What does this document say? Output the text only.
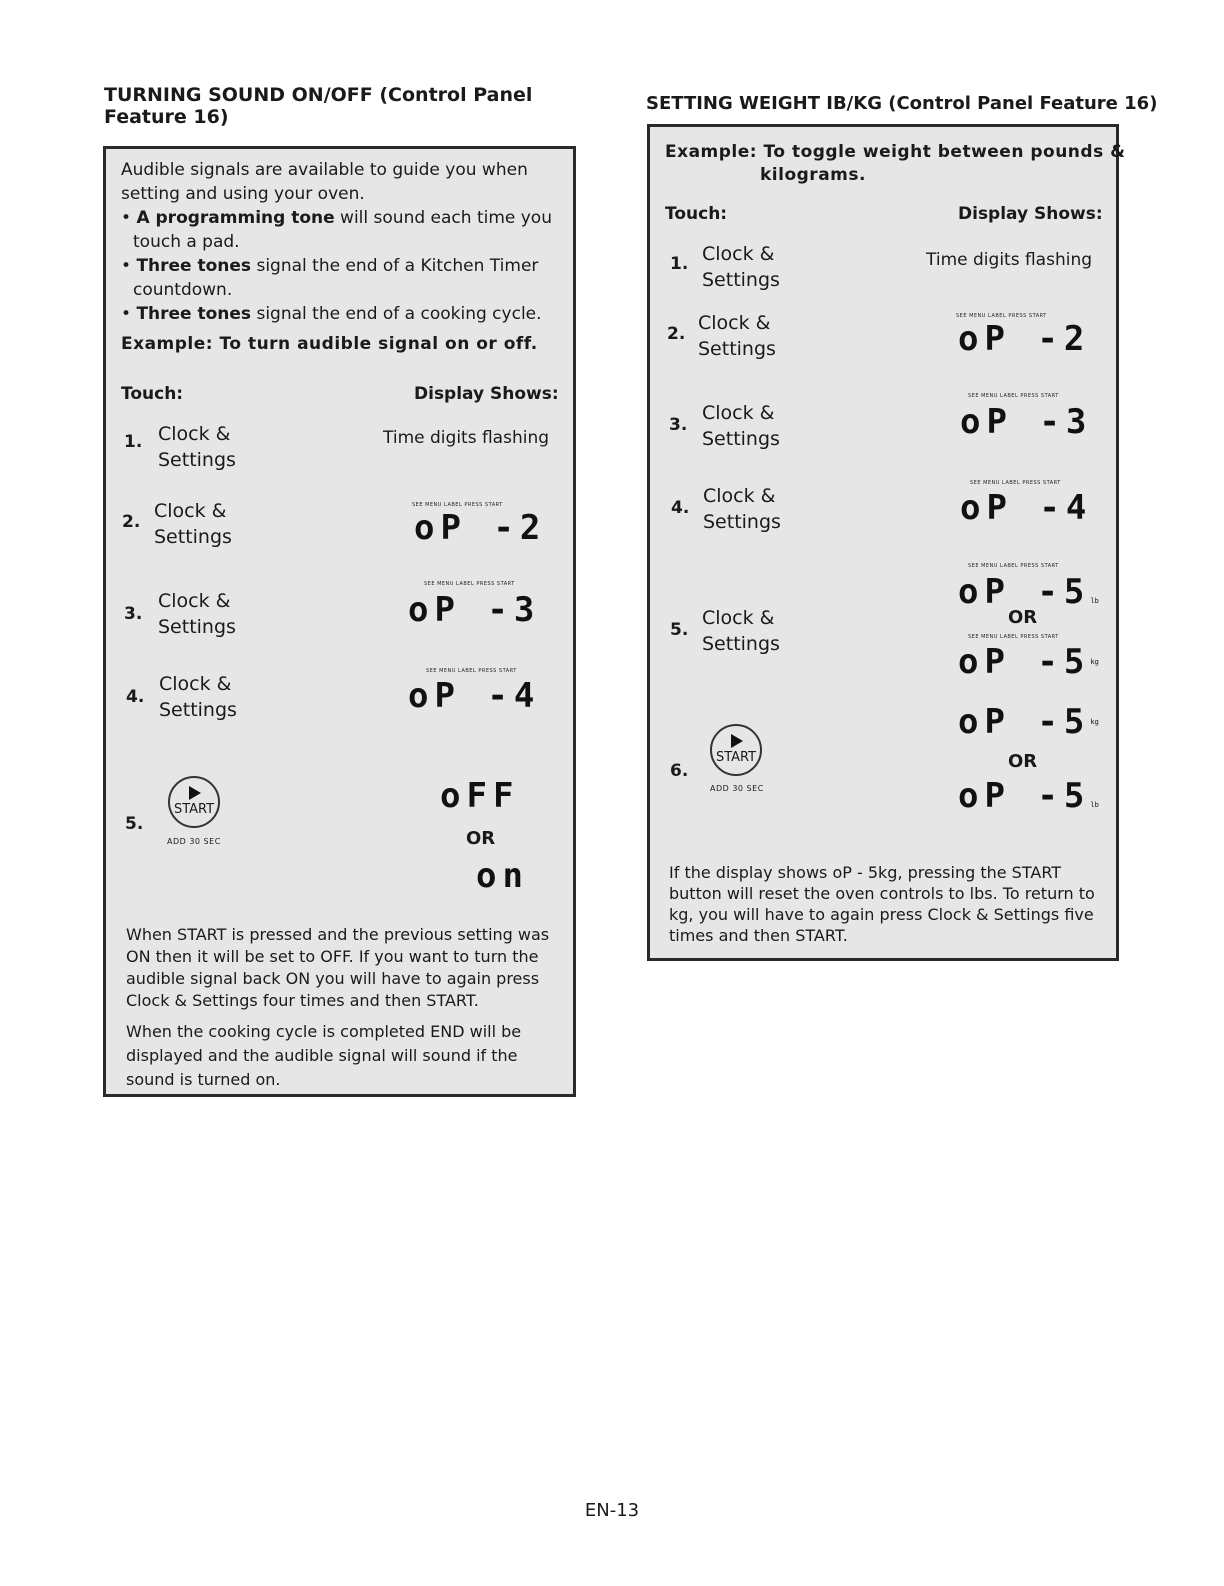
TURNING SOUND ON/OFF (Control Panel
Feature 16)

Audible signals are available to guide you when setting and using your oven.

• A programming tone will sound each time you touch a pad.

• Three tones signal the end of a Kitchen Timer countdown.

• Three tones signal the end of a cooking cycle.

Example: To turn audible signal on or off.
Touch:	Display Shows:
1. Clock &
Settings
Time digits flashing
2. Clock &
Settings
SEE MENU LABEL PRESS START
oP -2
3.
Clock &
Settings
SEE MENU LABEL PRESS START
oP -3
4.
Clock &
Settings
SEE MENU LABEL PRESS START
oP -4
5.
START
ADD 30 SEC
oFF
OR
on

When START is pressed and the previous setting was ON then it will be set to OFF. If you want to turn the audible signal back ON you will have to again press Clock & Settings four times and then START.

When the cooking cycle is completed END will be displayed and the audible signal will sound if the sound is turned on.

SETTING WEIGHT IB/KG (Control Panel Feature 16)
Example: To toggle weight between pounds &
kilograms.
Touch:	Display Shows:
1. Clock &
Settings
Time digits flashing
2. Clock &
Settings
SEE MENU LABEL PRESS START
oP -2
3.
Clock &
Settings
SEE MENU LABEL PRESS START
oP -3
4.
Clock &
Settings
SEE MENU LABEL PRESS START
oP -4
5.
Clock &
Settings
SEE MENU LABEL PRESS START
oP -5lb
OR
SEE MENU LABEL PRESS START
oP $-5^{kg}$
6.
START
ADD 30 SEC
oP $-5^{kg}$
OR
oP -5lb

If the display shows oP - 5kg, pressing the START button will reset the oven controls to lbs. To return to kg, you will have to again press Clock & Settings five times and then START.

EN-13
